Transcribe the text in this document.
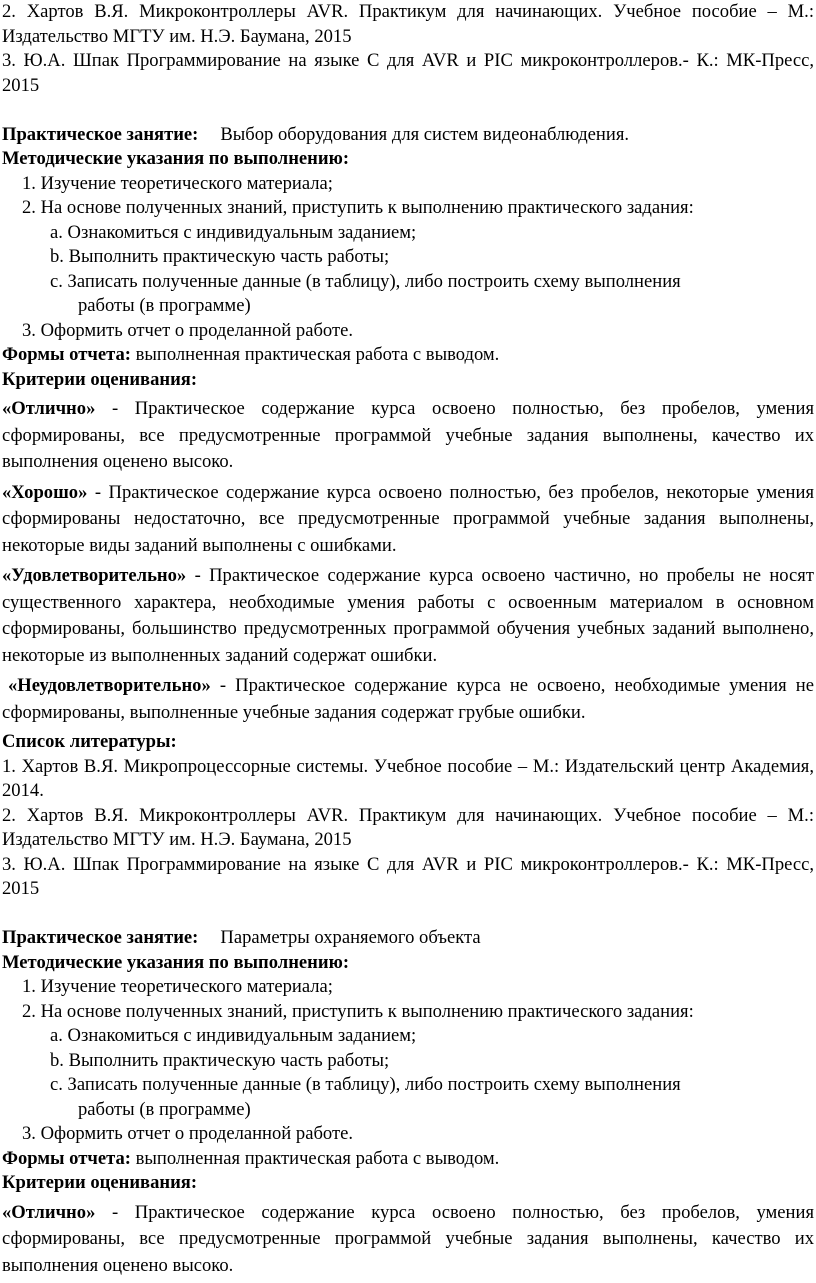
2. Хартов В.Я. Микроконтроллеры AVR. Практикум для начинающих. Учебное пособие – М.: Издательство МГТУ им. Н.Э. Баумана, 2015

3. Ю.А. Шпак Программирование на языке С для AVR и PIC микроконтроллеров.- К.: МК-Пресс, 2015

Практическое занятие: Выбор оборудования для систем видеонаблюдения.

Методические указания по выполнению:

1. Изучение теоретического материала;

2. На основе полученных знаний, приступить к выполнению практического задания:

a. Ознакомиться с индивидуальным заданием;

b. Выполнить практическую часть работы;

c. Записать полученные данные (в таблицу), либо построить схему выполнения

работы (в программе)

3. Оформить отчет о проделанной работе.

Формы отчета: выполненная практическая работа с выводом.

Критерии оценивания:

«Отлично» - Практическое содержание курса освоено полностью, без пробелов, умения сформированы, все предусмотренные программой учебные задания выполнены, качество их выполнения оценено высоко.

«Хорошо» - Практическое содержание курса освоено полностью, без пробелов, некоторые умения сформированы недостаточно, все предусмотренные программой учебные задания выполнены, некоторые виды заданий выполнены с ошибками.

«Удовлетворительно» - Практическое содержание курса освоено частично, но пробелы не носят существенного характера, необходимые умения работы с освоенным материалом в основном сформированы, большинство предусмотренных программой обучения учебных заданий выполнено, некоторые из выполненных заданий содержат ошибки.

«Неудовлетворительно» - Практическое содержание курса не освоено, необходимые умения не сформированы, выполненные учебные задания содержат грубые ошибки.

Список литературы:

1. Хартов В.Я. Микропроцессорные системы. Учебное пособие – М.: Издательский центр Академия, 2014.

2. Хартов В.Я. Микроконтроллеры AVR. Практикум для начинающих. Учебное пособие – М.: Издательство МГТУ им. Н.Э. Баумана, 2015

3. Ю.А. Шпак Программирование на языке С для AVR и PIC микроконтроллеров.- К.: МК-Пресс, 2015

Практическое занятие: Параметры охраняемого объекта

Методические указания по выполнению:

1. Изучение теоретического материала;

2. На основе полученных знаний, приступить к выполнению практического задания:

a. Ознакомиться с индивидуальным заданием;

b. Выполнить практическую часть работы;

c. Записать полученные данные (в таблицу), либо построить схему выполнения

работы (в программе)

3. Оформить отчет о проделанной работе.

Формы отчета: выполненная практическая работа с выводом.

Критерии оценивания:

«Отлично» - Практическое содержание курса освоено полностью, без пробелов, умения сформированы, все предусмотренные программой учебные задания выполнены, качество их выполнения оценено высоко.
